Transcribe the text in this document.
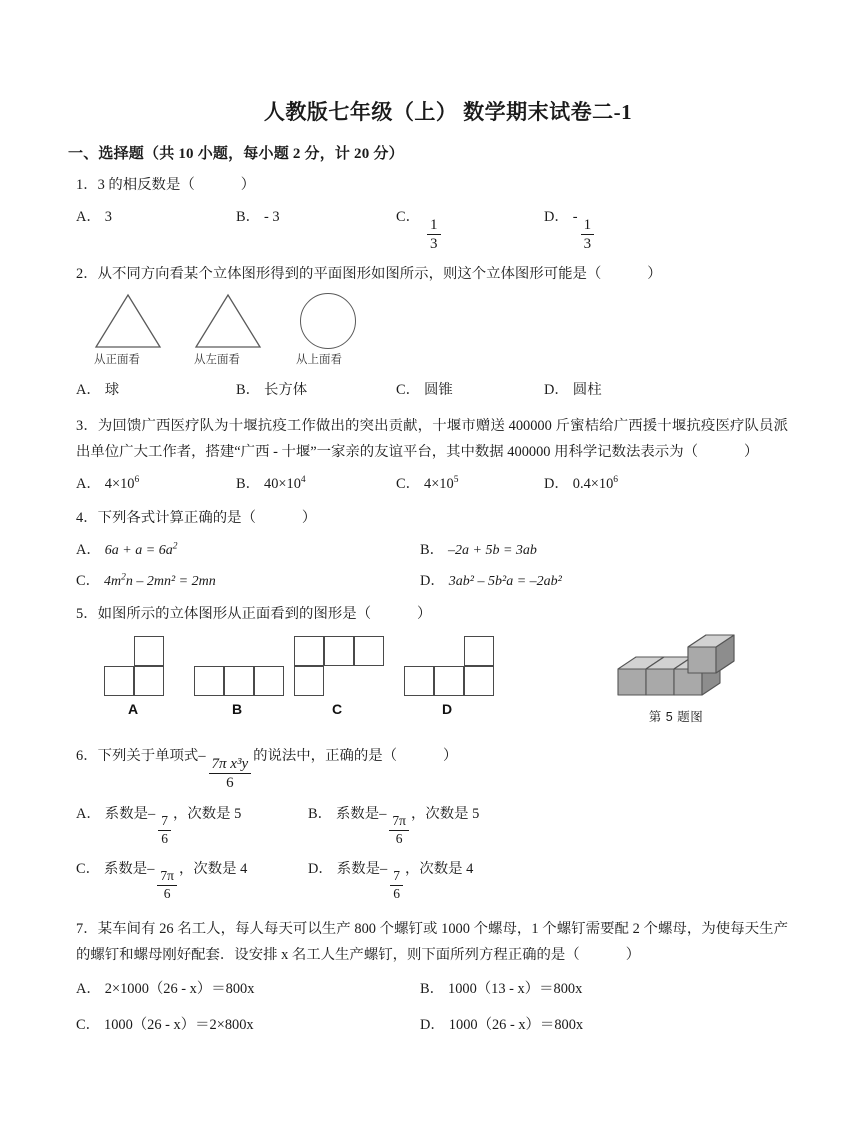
人教版七年级（上） 数学期末试卷二-1
一、选择题（共 10 小题，每小题 2 分，计 20 分）

1．3 的相反数是（	）

A． 3	B． ‐ 3	C．
$\frac{1}{3}$
D． ‐
$\frac{1}{3}$

2．从不同方向看某个立体图形得到的平面图形如图所示，则这个立体图形可能是（	）

从正面看	从左面看	从上面看
A． 球	B． 长方体	C． 圆锥	D． 圆柱

3．为回馈广西医疗队为十堰抗疫工作做出的突出贡献，十堰市赠送 400000 斤蜜桔给广西援十堰抗疫医疗队员派出单位广大工作者，搭建“广西 ‐ 十堰”一家亲的友谊平台，其中数据 400000 用科学记数法表示为（	）

A． $4\times 10^6$	B． $40\times 10^4$	C． $4\times 10^5$	D． $0.4\times 10^6$

4．下列各式计算正确的是（	）

A． $6a + a = 6a^2$	B． –2a + 5b = 3ab
C． $4m^2n - 2mn^2 = 2mn$	D． 3ab² – 5b²a = –2ab²

5．如图所示的立体图形从正面看到的图形是（	）

A	B	C	D	第 5 题图

6．下列关于单项式–
$\frac{\text{7π x³y}}{6}$
的说法中，正确的是（	）

A． 系数是–
$\frac{7}{6}$
，次数是 5	B． 系数是–
$\frac{7\pi}{6}$
，次数是 5
C． 系数是–
$\frac{7\pi}{6}$
，次数是 4	D． 系数是–
$\frac{7}{6}$
，次数是 4

7．某车间有 26 名工人，每人每天可以生产 800 个螺钉或 1000 个螺母，1 个螺钉需要配 2 个螺母，为使每天生产的螺钉和螺母刚好配套．设安排 x 名工人生产螺钉，则下面所列方程正确的是（	）

A． 2×1000（26 ‐ x）＝800x	B． 1000（13 ‐ x）＝800x
C． 1000（26 ‐ x）＝2×800x	D． 1000（26 ‐ x）＝800x
